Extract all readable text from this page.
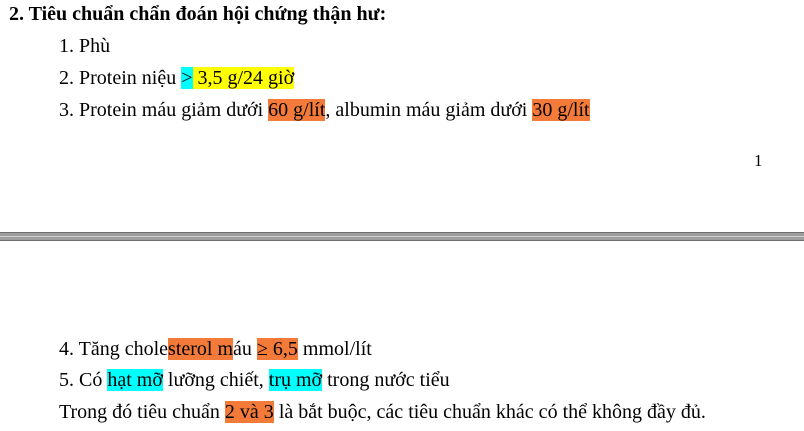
2. Tiêu chuẩn chẩn đoán hội chứng thận hư:
1. Phù
2. Protein niệu > 3,5 g/24 giờ
3. Protein máu giảm dưới 60 g/lít, albumin máu giảm dưới 30 g/lít
1
4. Tăng cholesterol máu ≥ 6,5 mmol/lít
5. Có hạt mỡ lưỡng chiết, trụ mỡ trong nước tiểu
Trong đó tiêu chuẩn 2 và 3 là bắt buộc, các tiêu chuẩn khác có thể không đầy đủ.
